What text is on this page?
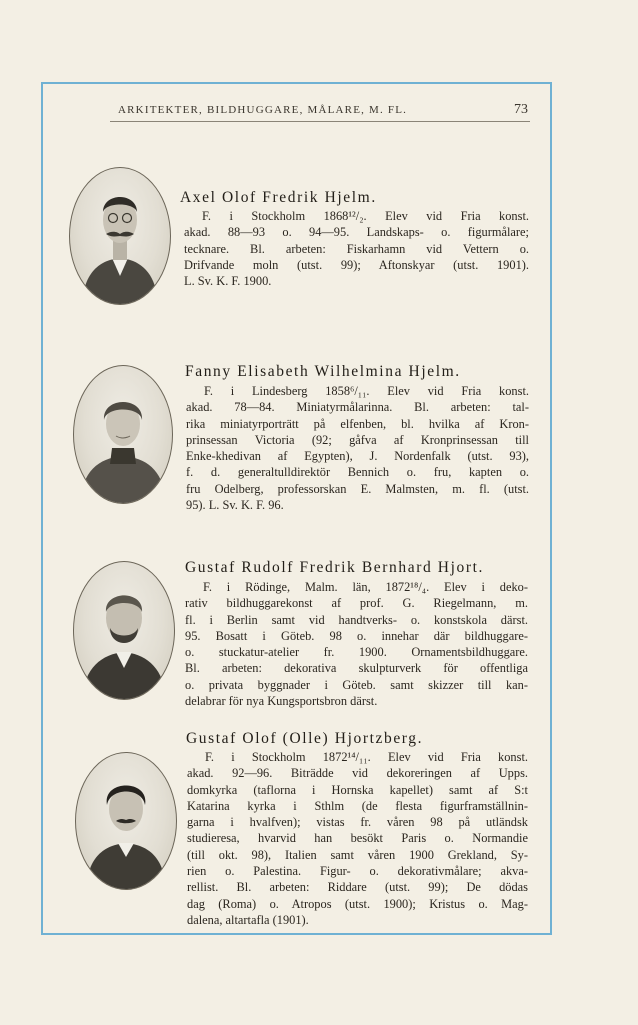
ARKITEKTER, BILDHUGGARE, MÅLARE, M. FL.	73
Axel Olof Fredrik Hjelm.
F. i Stockholm 1868¹²/₂. Elev vid Fria konst.
akad. 88—93 o. 94—95. Landskaps- o. figurmålare;
tecknare. Bl. arbeten: Fiskarhamn vid Vettern o.
Drifvande moln (utst. 99); Aftonskyar (utst. 1901).
L. Sv. K. F. 1900.
Fanny Elisabeth Wilhelmina Hjelm.
F. i Lindesberg 1858⁶/₁₁. Elev vid Fria konst.
akad. 78—84. Miniatyrmålarinna. Bl. arbeten: tal-
rika miniatyrporträtt på elfenben, bl. hvilka af Kron-
prinsessan Victoria (92; gåfva af Kronprinsessan till
Enke-khedivan af Egypten), J. Nordenfalk (utst. 93),
f. d. generaltulldirektör Bennich o. fru, kapten o.
fru Odelberg, professorskan E. Malmsten, m. fl. (utst.
95). L. Sv. K. F. 96.
Gustaf Rudolf Fredrik Bernhard Hjort.
F. i Rödinge, Malm. län, 1872¹⁸/₄. Elev i deko-
rativ bildhuggarekonst af prof. G. Riegelmann, m.
fl. i Berlin samt vid handtverks- o. konstskola därst.
95. Bosatt i Göteb. 98 o. innehar där bildhuggare-
o. stuckatur-atelier fr. 1900. Ornamentsbildhuggare.
Bl. arbeten: dekorativa skulpturverk för offentliga
o. privata byggnader i Göteb. samt skizzer till kan-
delabrar för nya Kungsportsbron därst.
Gustaf Olof (Olle) Hjortzberg.
F. i Stockholm 1872¹⁴/₁₁. Elev vid Fria konst.
akad. 92—96. Biträdde vid dekoreringen af Upps.
domkyrka (taflorna i Hornska kapellet) samt af S:t
Katarina kyrka i Sthlm (de flesta figurframställnin-
garna i hvalfven); vistas fr. våren 98 på utländsk
studieresa, hvarvid han besökt Paris o. Normandie
(till okt. 98), Italien samt våren 1900 Grekland, Sy-
rien o. Palestina. Figur- o. dekorativmålare; akva-
rellist. Bl. arbeten: Riddare (utst. 99); De dödas
dag (Roma) o. Atropos (utst. 1900); Kristus o. Mag-
dalena, altartafla (1901).
